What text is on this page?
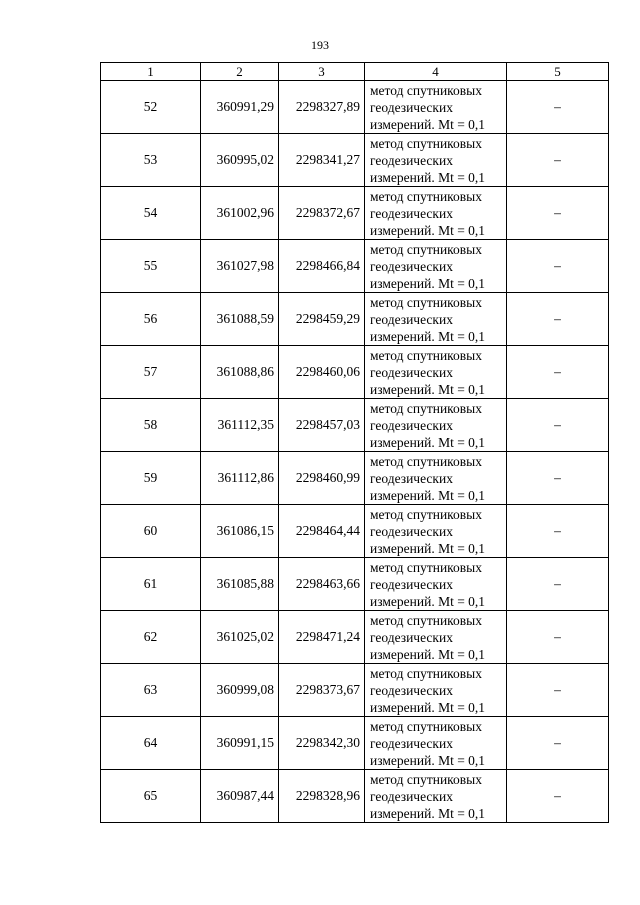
193
1	2	3	4	5
52	360991,29	2298327,89	метод спутниковых
геодезических
измерений. Mt = 0,1	–
53	360995,02	2298341,27	метод спутниковых
геодезических
измерений. Mt = 0,1	–
54	361002,96	2298372,67	метод спутниковых
геодезических
измерений. Mt = 0,1	–
55	361027,98	2298466,84	метод спутниковых
геодезических
измерений. Mt = 0,1	–
56	361088,59	2298459,29	метод спутниковых
геодезических
измерений. Mt = 0,1	–
57	361088,86	2298460,06	метод спутниковых
геодезических
измерений. Mt = 0,1	–
58	361112,35	2298457,03	метод спутниковых
геодезических
измерений. Mt = 0,1	–
59	361112,86	2298460,99	метод спутниковых
геодезических
измерений. Mt = 0,1	–
60	361086,15	2298464,44	метод спутниковых
геодезических
измерений. Mt = 0,1	–
61	361085,88	2298463,66	метод спутниковых
геодезических
измерений. Mt = 0,1	–
62	361025,02	2298471,24	метод спутниковых
геодезических
измерений. Mt = 0,1	–
63	360999,08	2298373,67	метод спутниковых
геодезических
измерений. Mt = 0,1	–
64	360991,15	2298342,30	метод спутниковых
геодезических
измерений. Mt = 0,1	–
65	360987,44	2298328,96	метод спутниковых
геодезических
измерений. Mt = 0,1	–
